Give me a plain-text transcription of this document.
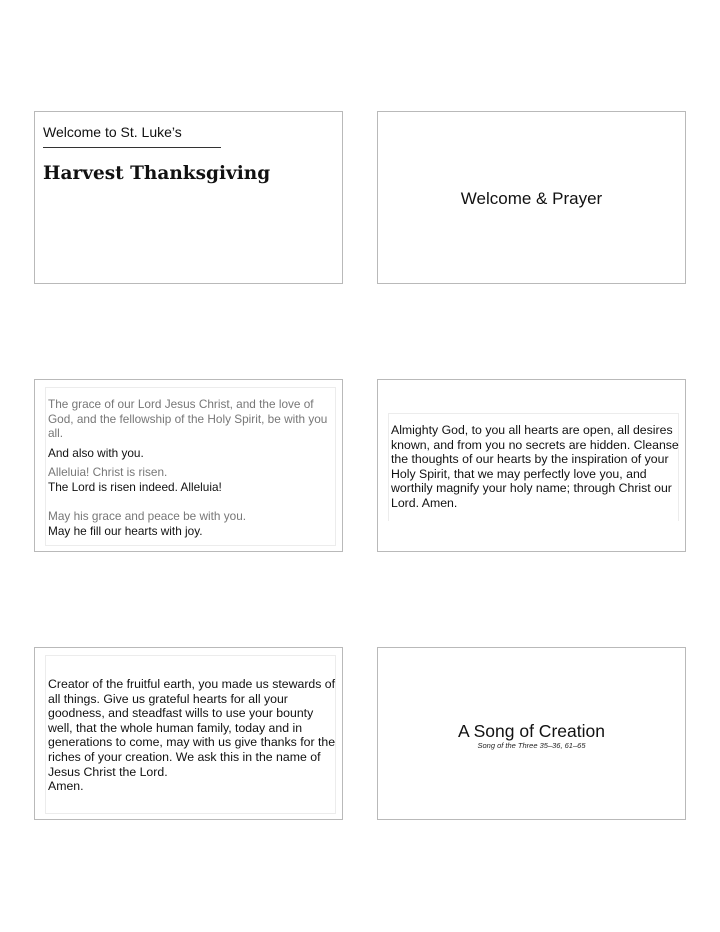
Welcome to St. Luke’s
Harvest Thanksgiving
Welcome & Prayer

The grace of our Lord Jesus Christ, and the love of God, and the fellowship of the Holy Spirit, be with you all.

And also with you.

Alleluia! Christ is risen.

The Lord is risen indeed. Alleluia!

May his grace and peace be with you.

May he fill our hearts with joy.

Almighty God, to you all hearts are open, all desires known, and from you no secrets are hidden. Cleanse the thoughts of our hearts by the inspiration of your Holy Spirit, that we may perfectly love you, and worthily magnify your holy name; through Christ our Lord. Amen.

Creator of the fruitful earth, you made us stewards of all things. Give us grateful hearts for all your goodness, and steadfast wills to use your bounty well, that the whole human family, today and in generations to come, may with us give thanks for the riches of your creation. We ask this in the name of Jesus Christ the Lord.
Amen.

A Song of Creation
Song of the Three 35–36, 61–65
